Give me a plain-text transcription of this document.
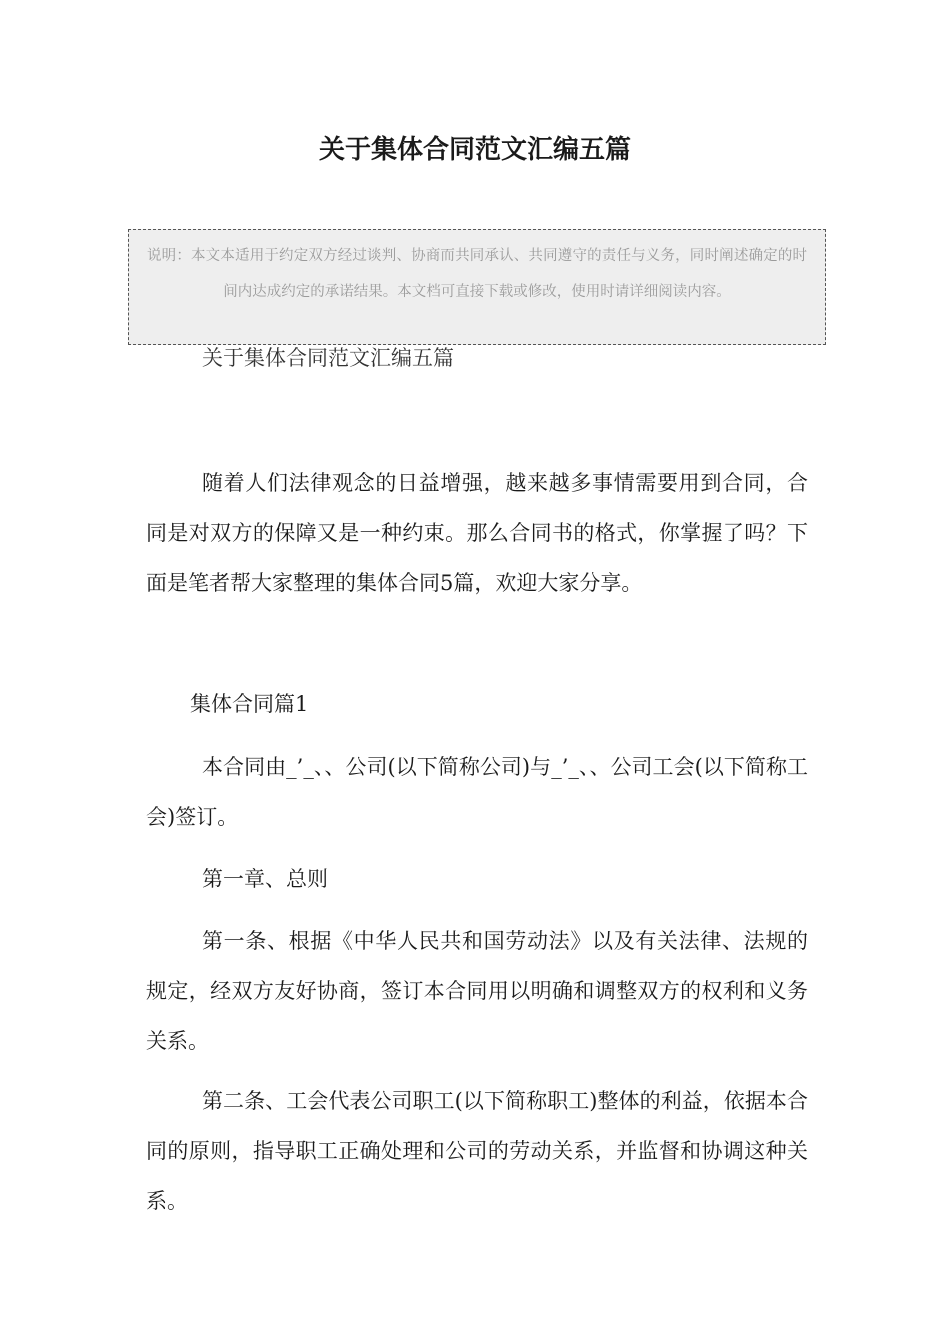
关于集体合同范文汇编五篇
说明：本文本适用于约定双方经过谈判、协商而共同承认、共同遵守的责任与义务，同时阐述确定的时间内达成约定的承诺结果。本文档可直接下载或修改，使用时请详细阅读内容。

关于集体合同范文汇编五篇

随着人们法律观念的日益增强，越来越多事情需要用到合同，合同是对双方的保障又是一种约束。那么合同书的格式，你掌握了吗？下面是笔者帮大家整理的集体合同5篇，欢迎大家分享。

集体合同篇1

本合同由_’_、、公司(以下简称公司)与_’_、、公司工会(以下简称工会)签订。

第一章、总则

第一条、根据《中华人民共和国劳动法》以及有关法律、法规的规定，经双方友好协商，签订本合同用以明确和调整双方的权利和义务关系。

第二条、工会代表公司职工(以下简称职工)整体的利益，依据本合同的原则，指导职工正确处理和公司的劳动关系，并监督和协调这种关系。
